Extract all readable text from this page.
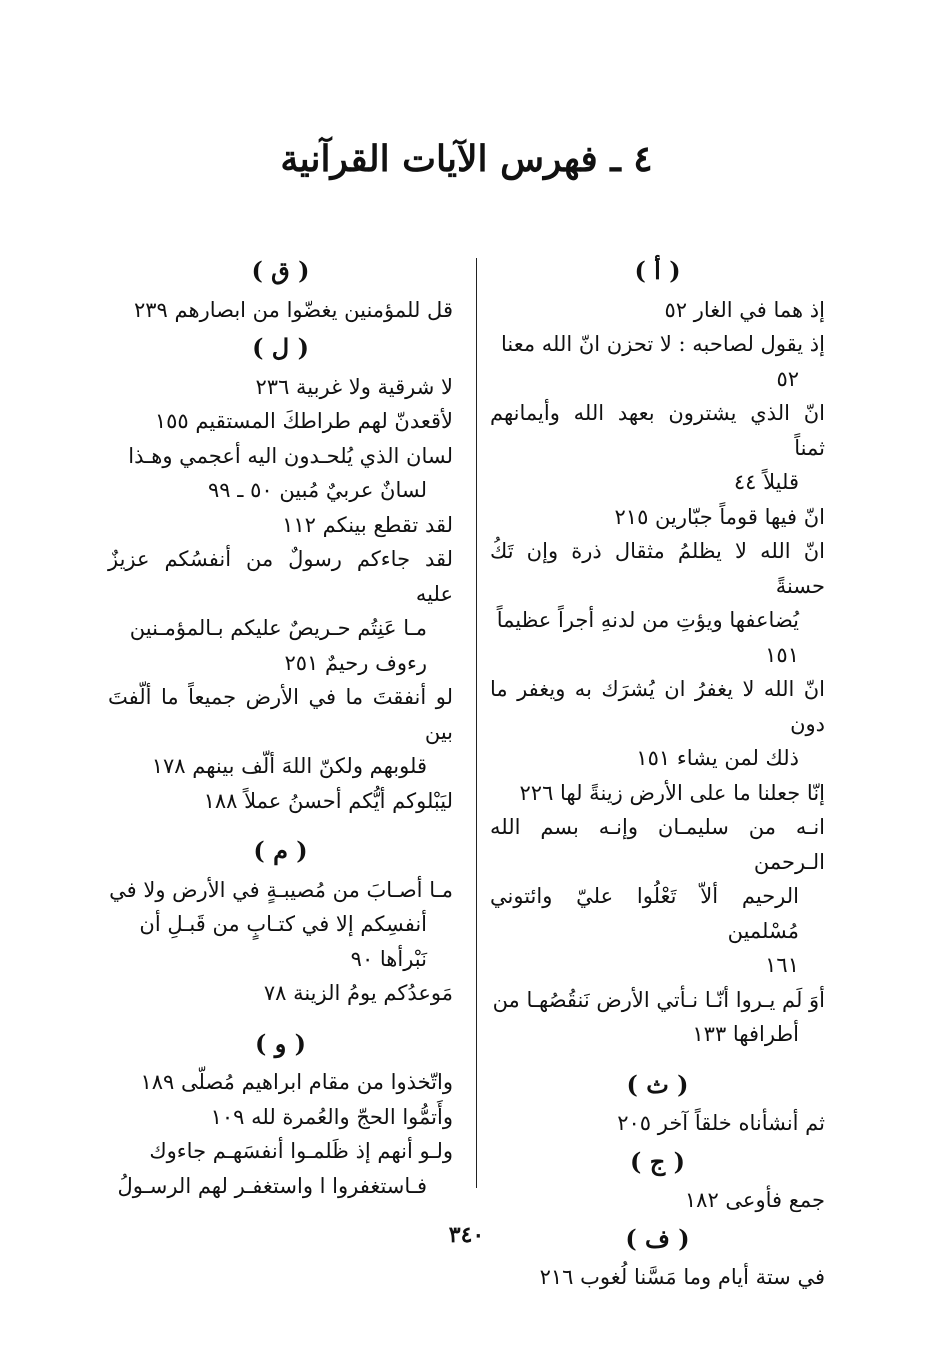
٤ ـ فهرس الآيات القرآنية
( أ )
إذ هما في الغار ٥٢
إذ يقول لصاحبه : لا تحزن انّ الله معنا
٥٢
انّ الذي يشترون بعهد الله وأيمانهم ثمناً
قليلاً ٤٤
انّ فيها قوماً جبّارين ٢١٥
انّ الله لا يظلمُ مثقال ذرة وإن تَكُ حسنةً
يُضاعفها ويؤتِ من لدنهِ أجراً عظيماً
١٥١
انّ الله لا يغفرُ ان يُشرَك به ويغفر ما دون
ذلك لمن يشاء ١٥١
إنّا جعلنا ما على الأرض زينةً لها ٢٢٦
انـه من سليمـان وإنـه بسم الله الـرحمن
الرحيم ألاّ تَعْلُوا عليّ وائتوني مُسْلمين
١٦١
أوَ لَم يـروا أنّـا نـأتي الأرض نَنقُصُهـا من
أطرافها ١٣٣
( ث )
ثم أنشأناه خلقاً آخر ٢٠٥
( ج )
جمع فأوعى ١٨٢
( ف )
في ستة أيام وما مَسَّنا لُغوب ٢١٦
( ق )
قل للمؤمنين يغضّوا من ابصارهم ٢٣٩
( ل )
لا شرقية ولا غربية ٢٣٦
لأقعدنّ لهم طراطكَ المستقيم ١٥٥
لسان الذي يُلحـدون اليه أعجمي وهـذا
لسانٌ عربيٌ مُبين ٥٠ ـ ٩٩
لقد تقطع بينكم ١١٢
لقد جاءكم رسولٌ من أنفسُكم عزيزٌ عليه
مـا عَنِتُم حـريصٌ عليكم بـالمؤمـنين
رءوف رحيمٌ ٢٥١
لو أنفقتَ ما في الأرض جميعاً ما ألّفتَ بين
قلوبهم ولكنّ اللهَ ألّف بينهم ١٧٨
ليَبْلوكم أيُّكم أحسنُ عملاً ١٨٨
( م )
مـا أصـابَ من مُصيبـةٍ في الأرض ولا في
أنفسِكم إلا في كتـابٍ من قَبـلِ أن
نَبْرأها ٩٠
مَوعدُكم يومُ الزينة ٧٨
( و )
واتّخذوا من مقام ابراهيم مُصلّى ١٨٩
وأَتمُّوا الحجّ والعُمرة لله ١٠٩
ولـو أنهم إذ ظَلمـوا أنفسَهـم جاءوك
فـاستغفروا ا واستغفـر لهم الرسـولُ
٣٤٠
